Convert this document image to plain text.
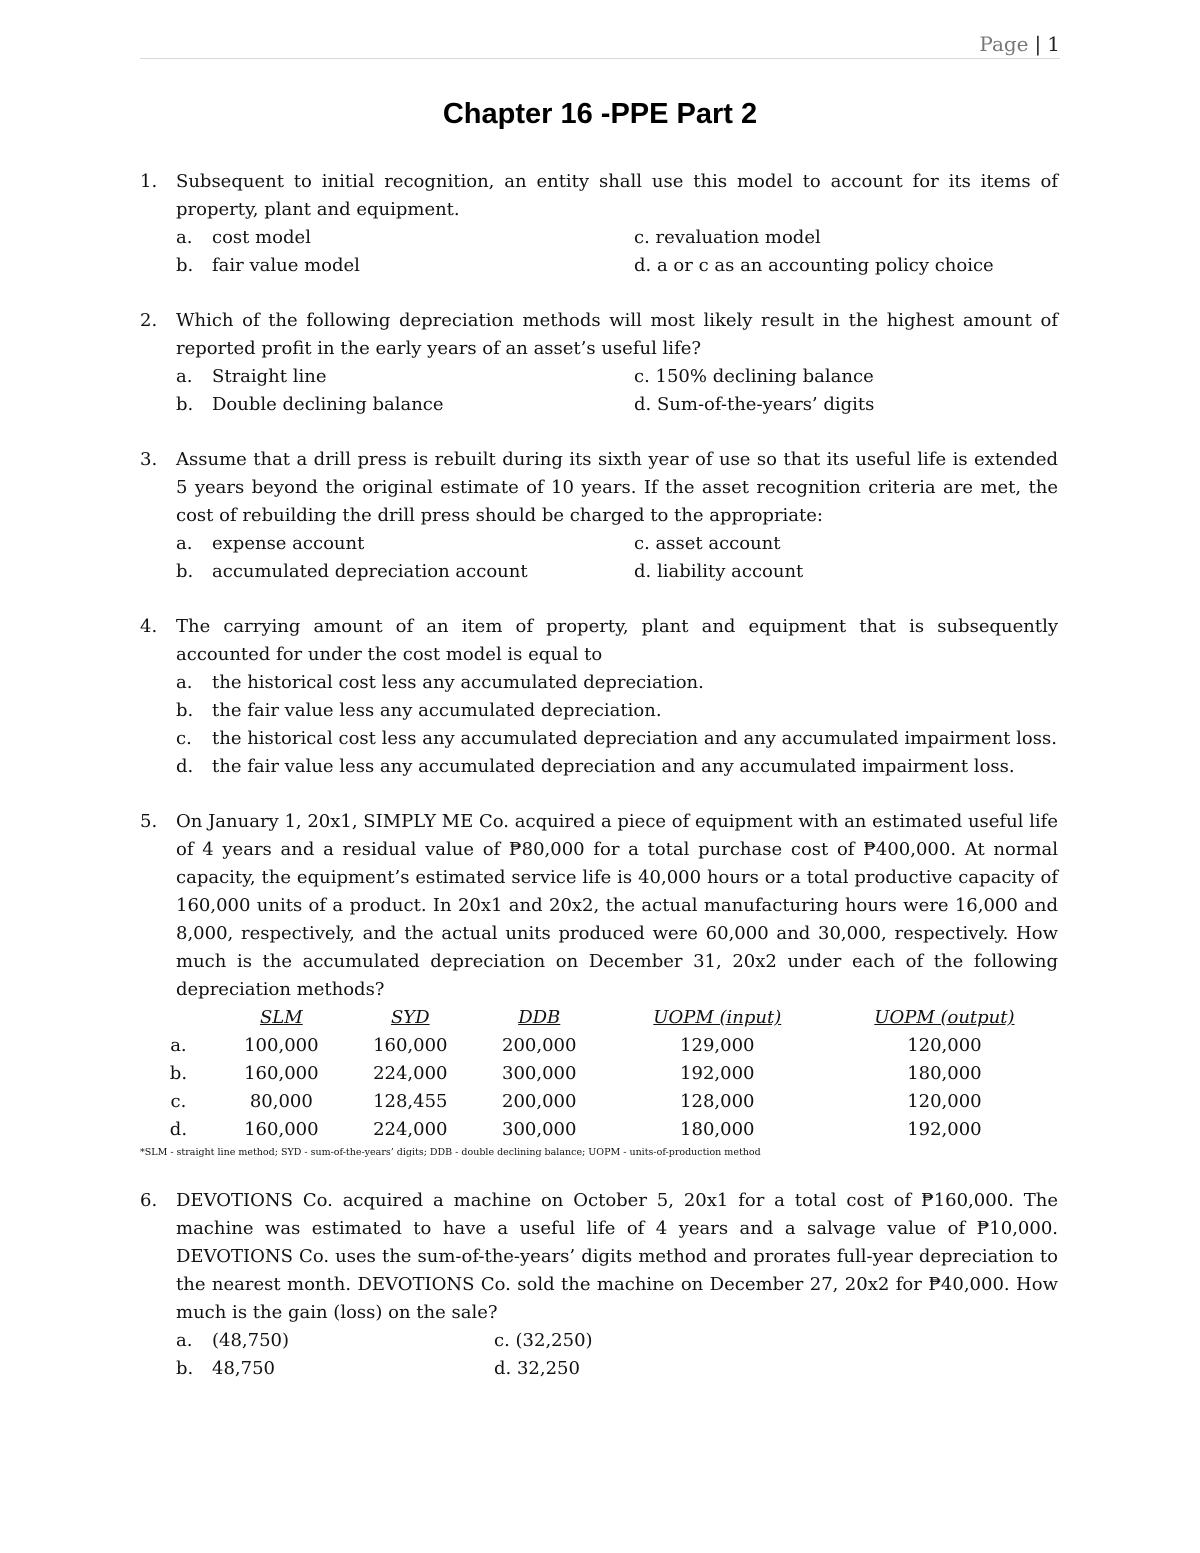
Page | 1
Chapter 16 -PPE Part 2
1. Subsequent to initial recognition, an entity shall use this model to account for its items of property, plant and equipment.
a. cost model	c. revaluation model
b. fair value model	d. a or c as an accounting policy choice
2. Which of the following depreciation methods will most likely result in the highest amount of reported profit in the early years of an asset’s useful life?
a. Straight line	c. 150% declining balance
b. Double declining balance	d. Sum-of-the-years’ digits
3. Assume that a drill press is rebuilt during its sixth year of use so that its useful life is extended 5 years beyond the original estimate of 10 years. If the asset recognition criteria are met, the cost of rebuilding the drill press should be charged to the appropriate:
a. expense account	c. asset account
b. accumulated depreciation account	d. liability account
4. The carrying amount of an item of property, plant and equipment that is subsequently accounted for under the cost model is equal to
a. the historical cost less any accumulated depreciation.
b. the fair value less any accumulated depreciation.
c. the historical cost less any accumulated depreciation and any accumulated impairment loss.
d. the fair value less any accumulated depreciation and any accumulated impairment loss.
5. On January 1, 20x1, SIMPLY ME Co. acquired a piece of equipment with an estimated useful life of 4 years and a residual value of ₱80,000 for a total purchase cost of ₱400,000. At normal capacity, the equipment’s estimated service life is 40,000 hours or a total productive capacity of 160,000 units of a product. In 20x1 and 20x2, the actual manufacturing hours were 16,000 and 8,000, respectively, and the actual units produced were 60,000 and 30,000, respectively. How much is the accumulated depreciation on December 31, 20x2 under each of the following depreciation methods?
	SLM	SYD	DDB	UOPM (input)	UOPM (output)
a.	100,000	160,000	200,000	129,000	120,000
b.	160,000	224,000	300,000	192,000	180,000
c.	80,000	128,455	200,000	128,000	120,000
d.	160,000	224,000	300,000	180,000	192,000
*SLM - straight line method; SYD - sum-of-the-years’ digits; DDB - double declining balance; UOPM - units-of-production method
6. DEVOTIONS Co. acquired a machine on October 5, 20x1 for a total cost of ₱160,000. The machine was estimated to have a useful life of 4 years and a salvage value of ₱10,000. DEVOTIONS Co. uses the sum-of-the-years’ digits method and prorates full-year depreciation to the nearest month. DEVOTIONS Co. sold the machine on December 27, 20x2 for ₱40,000. How much is the gain (loss) on the sale?
a. (48,750)	c. (32,250)
b. 48,750	d. 32,250
